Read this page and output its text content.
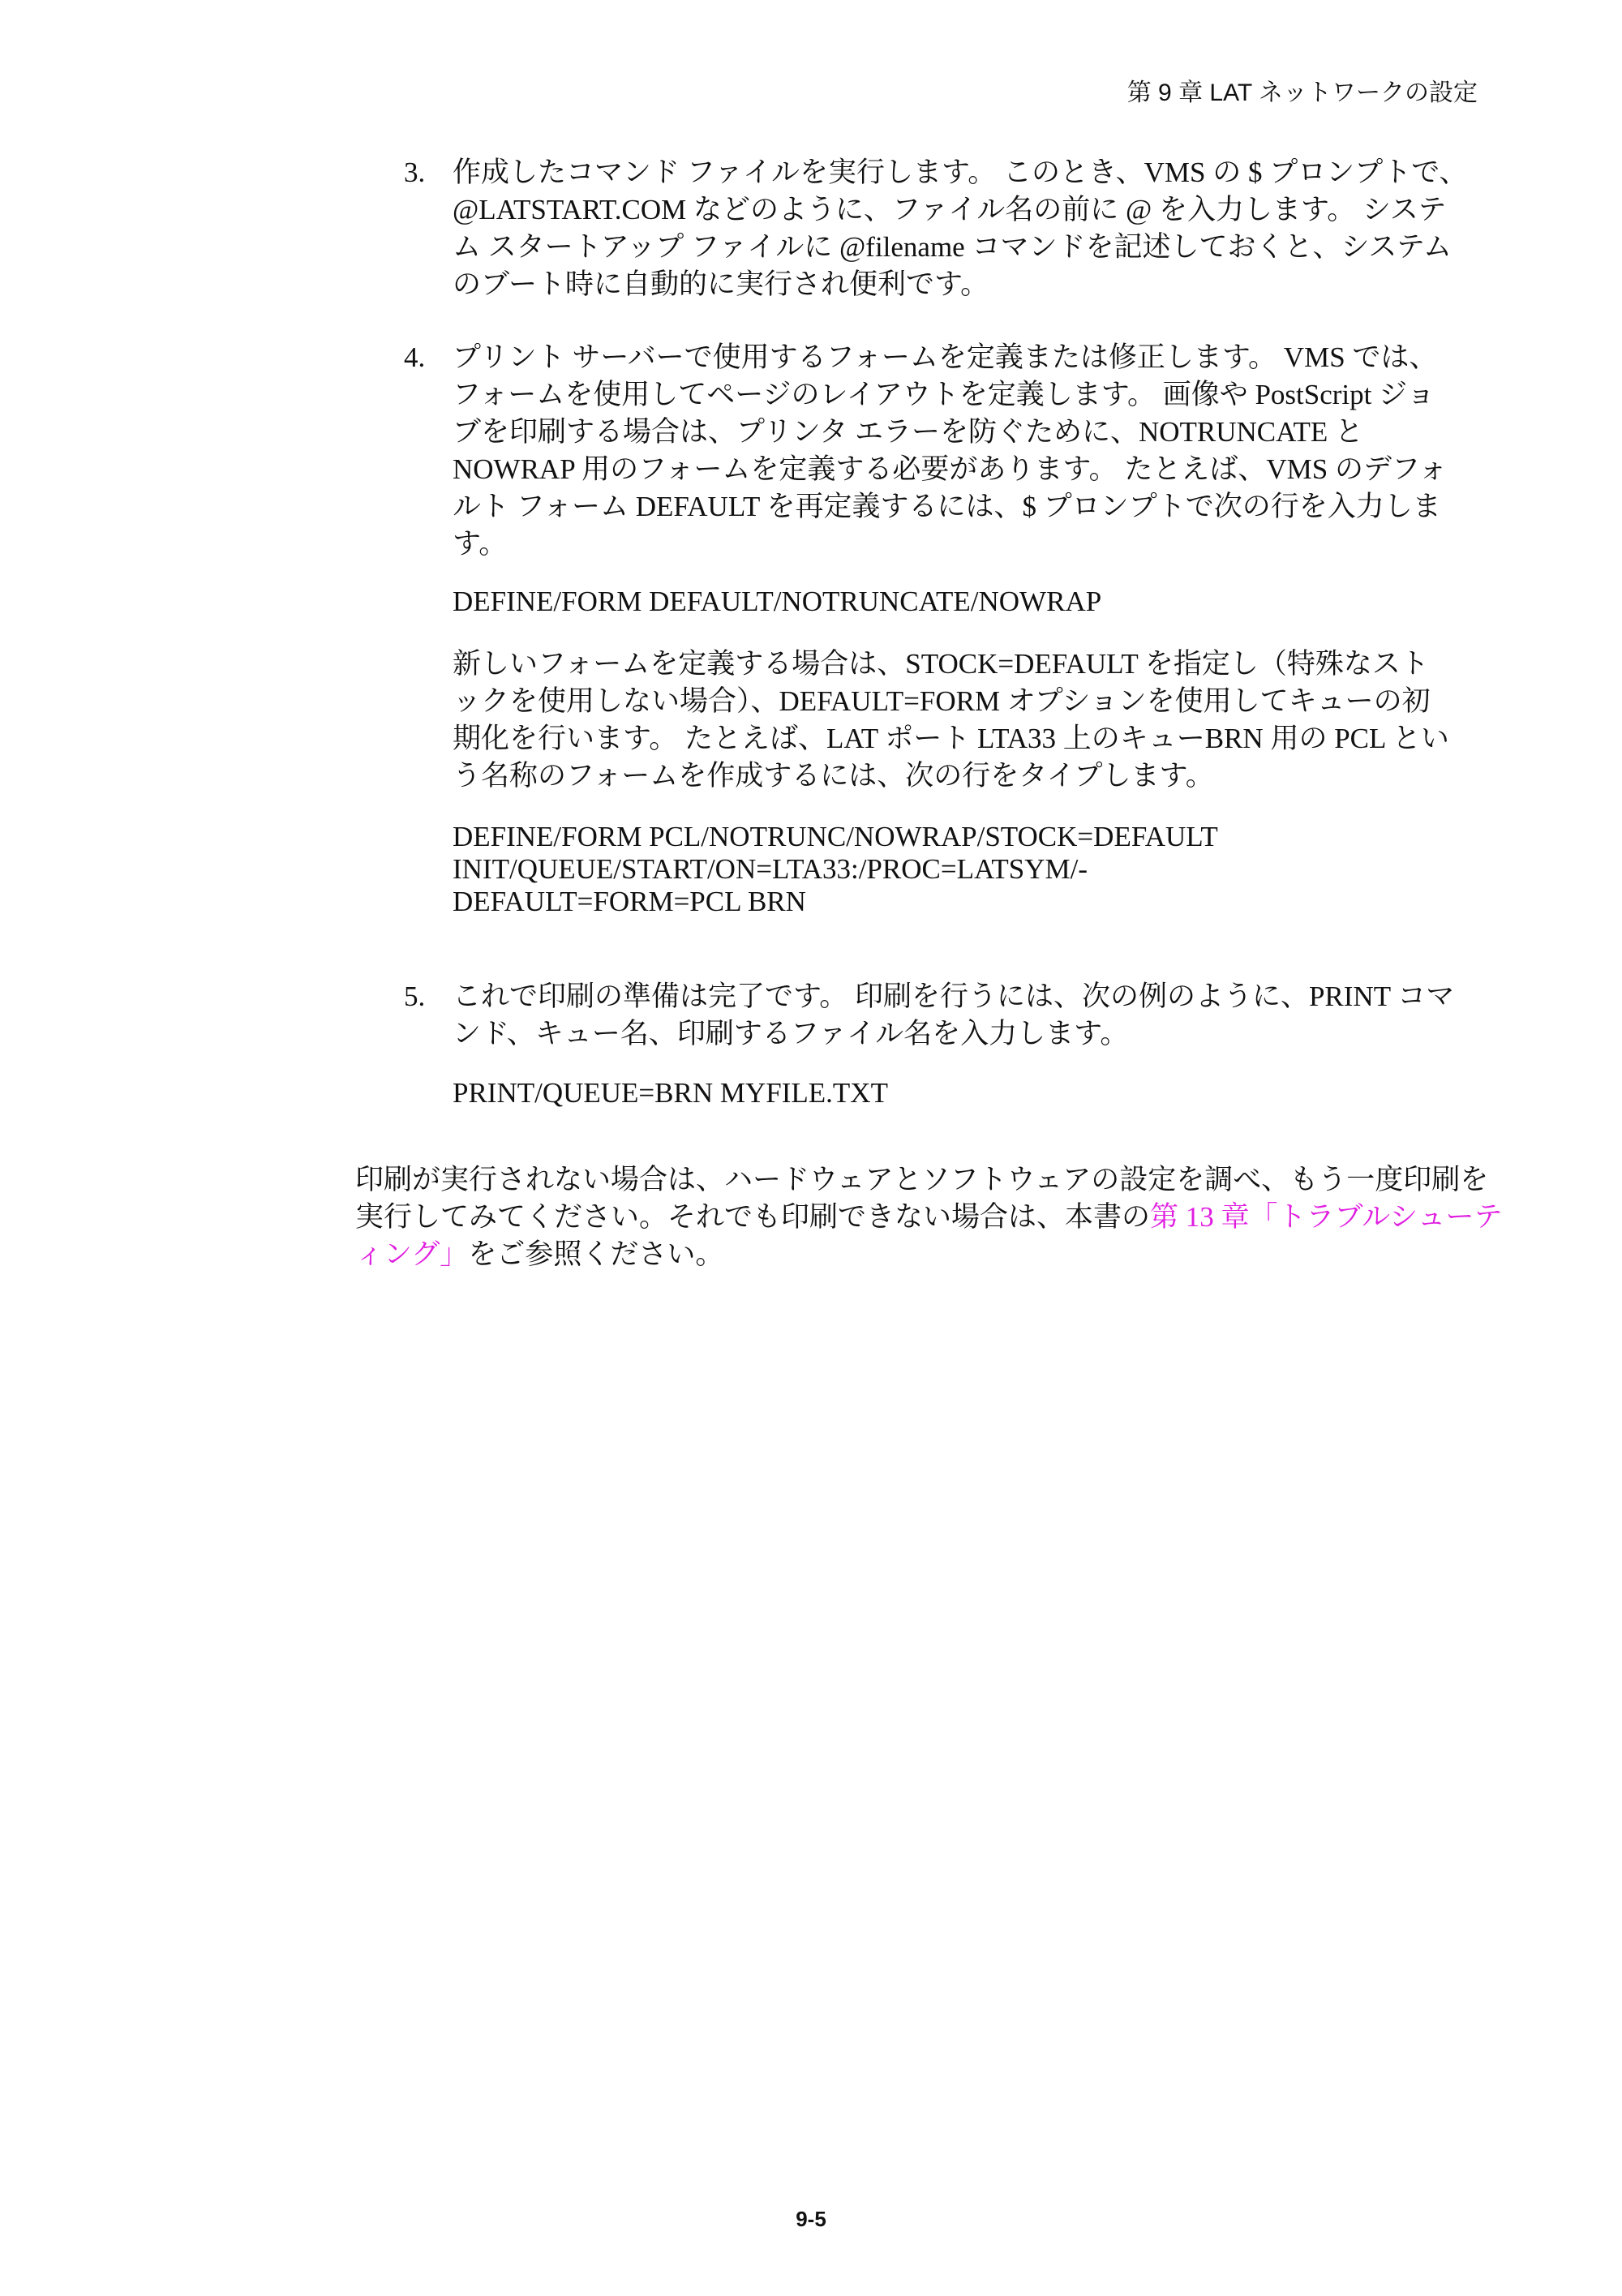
第 9 章 LAT ネットワークの設定
3. 作成したコマンド ファイルを実行します。 このとき、VMS の $ プロンプトで、
@LATSTART.COM などのように、ファイル名の前に @ を入力します。 システ
ム スタートアップ ファイルに @filename コマンドを記述しておくと、システム
のブート時に自動的に実行され便利です。

4. プリント サーバーで使用するフォームを定義または修正します。 VMS では、
フォームを使用してページのレイアウトを定義します。 画像や PostScript ジョ
ブを印刷する場合は、プリンタ エラーを防ぐために、NOTRUNCATE と
NOWRAP 用のフォームを定義する必要があります。 たとえば、VMS のデフォ
ルト フォーム DEFAULT を再定義するには、$ プロンプトで次の行を入力しま
す。

DEFINE/FORM DEFAULT/NOTRUNCATE/NOWRAP

新しいフォームを定義する場合は、STOCK=DEFAULT を指定し（特殊なスト
ックを使用しない場合）、DEFAULT=FORM オプションを使用してキューの初
期化を行います。 たとえば、LAT ポート LTA33 上のキューBRN 用の PCL とい
う名称のフォームを作成するには、次の行をタイプします。

DEFINE/FORM PCL/NOTRUNC/NOWRAP/STOCK=DEFAULT
INIT/QUEUE/START/ON=LTA33:/PROC=LATSYM/-
DEFAULT=FORM=PCL BRN

5. これで印刷の準備は完了です。 印刷を行うには、次の例のように、PRINT コマ
ンド、キュー名、印刷するファイル名を入力します。

PRINT/QUEUE=BRN MYFILE.TXT

印刷が実行されない場合は、ハードウェアとソフトウェアの設定を調べ、もう一度印刷を実行してみてください。それでも印刷できない場合は、本書の第 13 章「トラブルシューティング」をご参照ください。

9-5
